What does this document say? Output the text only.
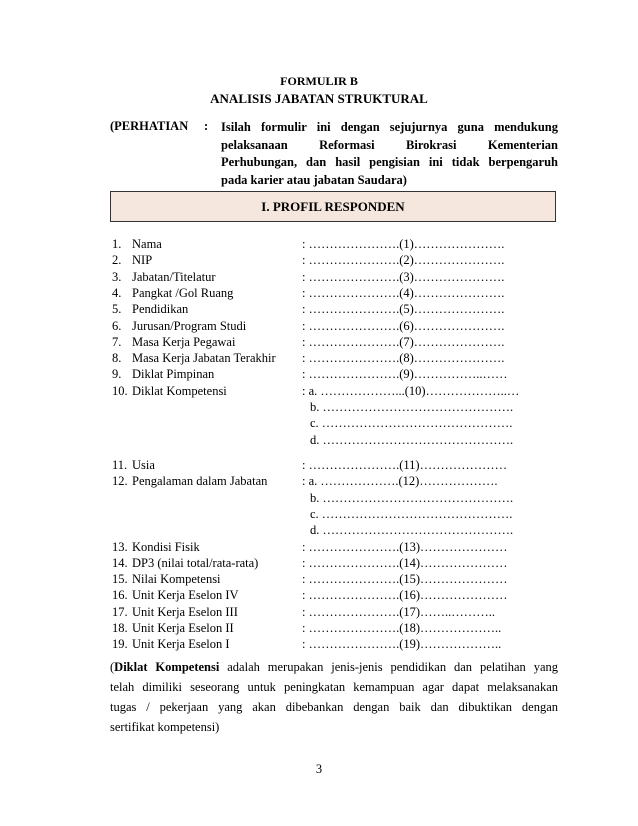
FORMULIR B
ANALISIS JABATAN STRUKTURAL
(PERHATIAN : Isilah formulir ini dengan sejujurnya guna mendukung
pelaksanaan Reformasi Birokrasi Kementerian
Perhubungan, dan hasil pengisian ini tidak berpengaruh
pada karier atau jabatan Saudara)
I. PROFIL RESPONDEN
1. Nama	: ………………….(1)………………….
2. NIP	: ………………….(2)………………….
3. Jabatan/Titelatur	: ………………….(3)………………….
4. Pangkat /Gol Ruang	: ………………….(4)………………….
5. Pendidikan	: ………………….(5)………………….
6. Jurusan/Program Studi	: ………………….(6)………………….
7. Masa Kerja Pegawai	: ………………….(7)………………….
8. Masa Kerja Jabatan Terakhir : ………………….(8)………………….
9. Diklat Pimpinan	: ………………….(9)……………..……
10. Diklat Kompetensi	: a. ………………...(10)………………..…
b. ……………………………………….
c. ……………………………………….
d. ……………………………………….
11. Usia	: ………………….(11)…………………
12. Pengalaman dalam Jabatan	: a. ……………….(12)……………….
b. ……………………………………….
c. ……………………………………….
d. ……………………………………….
13. Kondisi Fisik	: ………………….(13)…………………
14. DP3 (nilai total/rata-rata)	: ………………….(14)…………………
15. Nilai Kompetensi	: ………………….(15)…………………
16. Unit Kerja Eselon IV	: ………………….(16)…………………
17. Unit Kerja Eselon III	: ………………….(17)……..………..
18. Unit Kerja Eselon II	: ………………….(18)………………..
19. Unit Kerja Eselon I	: ………………….(19)………………..
(Diklat Kompetensi adalah merupakan jenis-jenis pendidikan dan pelatihan yang
telah dimiliki seseorang untuk peningkatan kemampuan agar dapat melaksanakan
tugas / pekerjaan yang akan dibebankan dengan baik dan dibuktikan dengan
sertifikat kompetensi)
3
